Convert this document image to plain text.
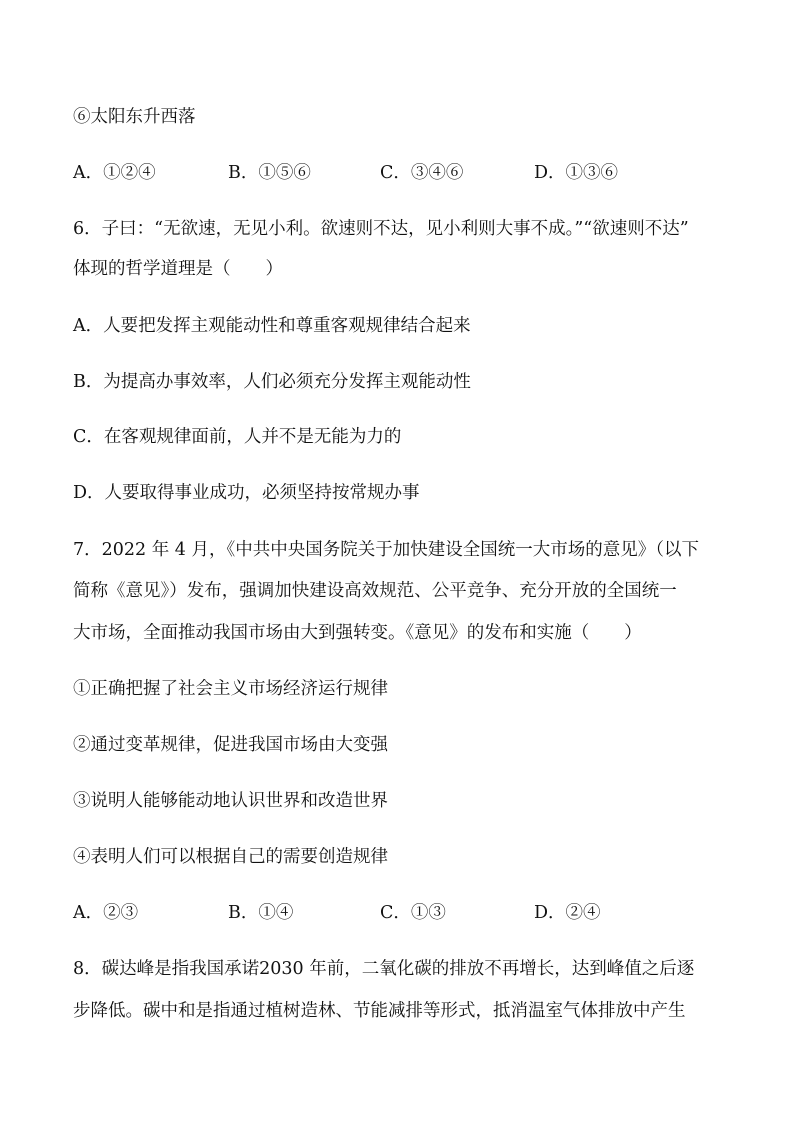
⑥太阳东升西落

A．①②④	B．①⑤⑥	C．③④⑥	D．①③⑥

6．子曰：“无欲速，无见小利。欲速则不达，见小利则大事不成。”“欲速则不达”

体现的哲学道理是（　　）

A．人要把发挥主观能动性和尊重客观规律结合起来

B．为提高办事效率，人们必须充分发挥主观能动性

C．在客观规律面前，人并不是无能为力的

D．人要取得事业成功，必须坚持按常规办事

7．2022 年 4 月，《中共中央国务院关于加快建设全国统一大市场的意见》（以下

简称《意见》）发布，强调加快建设高效规范、公平竞争、充分开放的全国统一

大市场，全面推动我国市场由大到强转变。《意见》的发布和实施（　　）

①正确把握了社会主义市场经济运行规律

②通过变革规律，促进我国市场由大变强

③说明人能够能动地认识世界和改造世界

④表明人们可以根据自己的需要创造规律

A．②③	B．①④	C．①③	D．②④

8．碳达峰是指我国承诺2030 年前，二氧化碳的排放不再增长，达到峰值之后逐

步降低。碳中和是指通过植树造林、节能减排等形式，抵消温室气体排放中产生
